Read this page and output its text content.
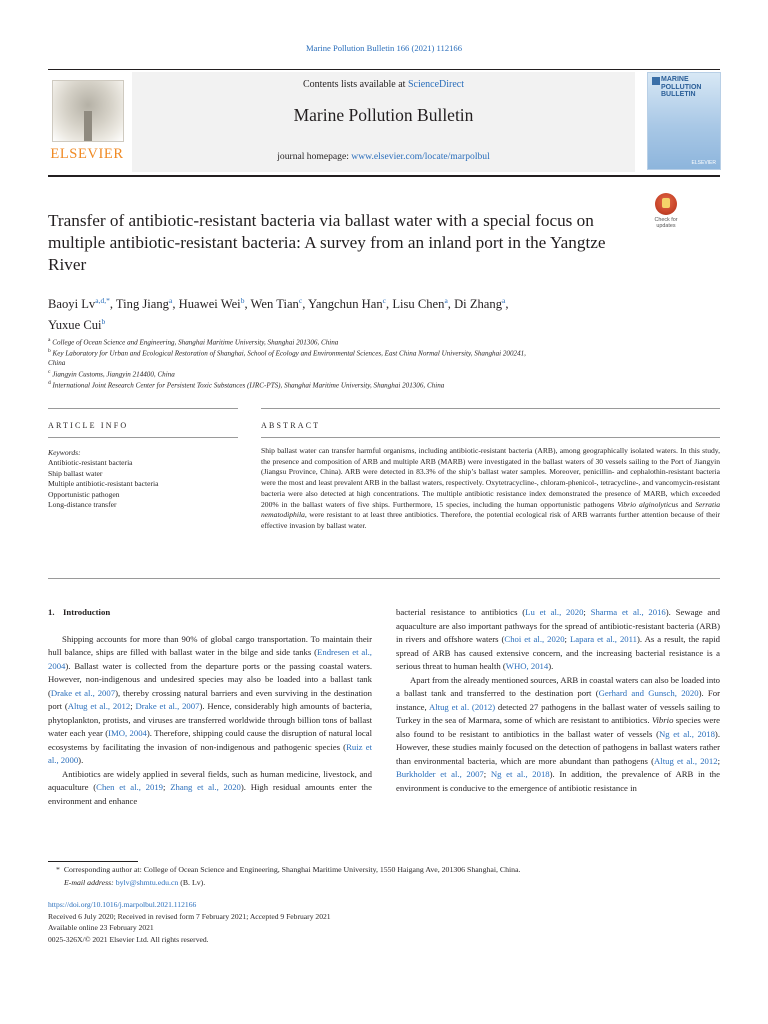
Marine Pollution Bulletin 166 (2021) 112166
ELSEVIER
Contents lists available at ScienceDirect
Marine Pollution Bulletin
journal homepage: www.elsevier.com/locate/marpolbul
MARINE POLLUTION BULLETIN
ELSEVIER
Transfer of antibiotic-resistant bacteria via ballast water with a special focus on multiple antibiotic-resistant bacteria: A survey from an inland port in the Yangtze River
Check for updates
Baoyi $Lv^{a,d,*}$, Ting Jiang$^a$, Huawei Wei$^b$, Wen Tian$^c$, Yangchun Han$^c$, Lisu Chen$^a$, Di Zhang$^a$,
Yuxue Cui$^b$
$^a$ College of Ocean Science and Engineering, Shanghai Maritime University, Shanghai 201306, China
$^b$ Key Laboratory for Urban and Ecological Restoration of Shanghai, School of Ecology and Environmental Sciences, East China Normal University, Shanghai 200241,
China
$^c$ Jiangyin Customs, Jiangyin 214400, China
$^d$ International Joint Research Center for Persistent Toxic Substances (IJRC-PTS), Shanghai Maritime University, Shanghai 201306, China
ARTICLE INFO
Keywords:
Antibiotic-resistant bacteria
Ship ballast water
Multiple antibiotic-resistant bacteria
Opportunistic pathogen
Long-distance transfer
ABSTRACT
Ship ballast water can transfer harmful organisms, including antibiotic-resistant bacteria (ARB), among geographically isolated waters. In this study, the presence and composition of ARB and multiple ARB (MARB) were investigated in the ballast waters of 30 vessels sailing to the Port of Jiangyin (Jiangsu Province, China). ARB were detected in 83.3% of the ship’s ballast water samples. Moreover, penicillin- and cephalothin-resistant bacteria were the most and least prevalent ARB in the ballast waters, respectively. Oxytetracycline-, chloram-phenicol-, tetracycline-, and vancomycin-resistant bacteria were also detected at high concentrations. The multiple antibiotic resistance index demonstrated the presence of MARB, which exceeded 200% in the ballast waters of five ships. Furthermore, 15 species, including the human opportunistic pathogens Vibrio alginolyticus and Serratia nematodiphila, were resistant to at least three antibiotics. Therefore, the potential ecological risk of ARB warrants further attention because of their effective invasion by ballast water.
1. Introduction

Shipping accounts for more than 90% of global cargo transportation. To maintain their hull balance, ships are filled with ballast water in the bilge and side tanks (Endresen et al., 2004). Ballast water is collected from the departure ports or the passing coastal waters. However, non-indigenous and undesired species may also be loaded into a ballast tank (Drake et al., 2007), thereby crossing natural barriers and even surviving in the destination port (Altug et al., 2012; Drake et al., 2007). Hence, considerably high amounts of bacteria, phytoplankton, protists, and viruses are transferred worldwide through billion tons of ballast water each year (IMO, 2004). Therefore, shipping could cause the disruption of natural local ecosystems by facilitating the invasion of non-indigenous and pathogenic species (Ruiz et al., 2000).

Antibiotics are widely applied in several fields, such as human medicine, livestock, and aquaculture (Chen et al., 2019; Zhang et al., 2020). High residual amounts enter the environment and enhance

bacterial resistance to antibiotics (Lu et al., 2020; Sharma et al., 2016). Sewage and aquaculture are also important pathways for the spread of antibiotic-resistant bacteria (ARB) in rivers and offshore waters (Choi et al., 2020; Lapara et al., 2011). As a result, the rapid spread of ARB has caused extensive concern, and the increasing bacterial resistance is a serious threat to human health (WHO, 2014).

Apart from the already mentioned sources, ARB in coastal waters can also be loaded into a ballast tank and transferred to the destination port (Gerhard and Gunsch, 2020). For instance, Altug et al. (2012) detected 27 pathogens in the ballast water of vessels sailing to Turkey in the sea of Marmara, some of which are resistant to antibiotics. Vibrio species were also found to be resistant to antibiotics in the ballast water of vessels (Ng et al., 2018). However, these studies mainly focused on the detection of pathogens in ballast waters rather than environmental bacteria, which are more abundant than pathogens (Altug et al., 2012; Burkholder et al., 2007; Ng et al., 2018). In addition, the prevalence of ARB in the environment is conducive to the emergence of antibiotic resistance in

* Corresponding author at: College of Ocean Science and Engineering, Shanghai Maritime University, 1550 Haigang Ave, 201306 Shanghai, China.
E-mail address: bylv@shmtu.edu.cn (B. Lv).
https://doi.org/10.1016/j.marpolbul.2021.112166
Received 6 July 2020; Received in revised form 7 February 2021; Accepted 9 February 2021
Available online 23 February 2021
0025-326X/© 2021 Elsevier Ltd. All rights reserved.
